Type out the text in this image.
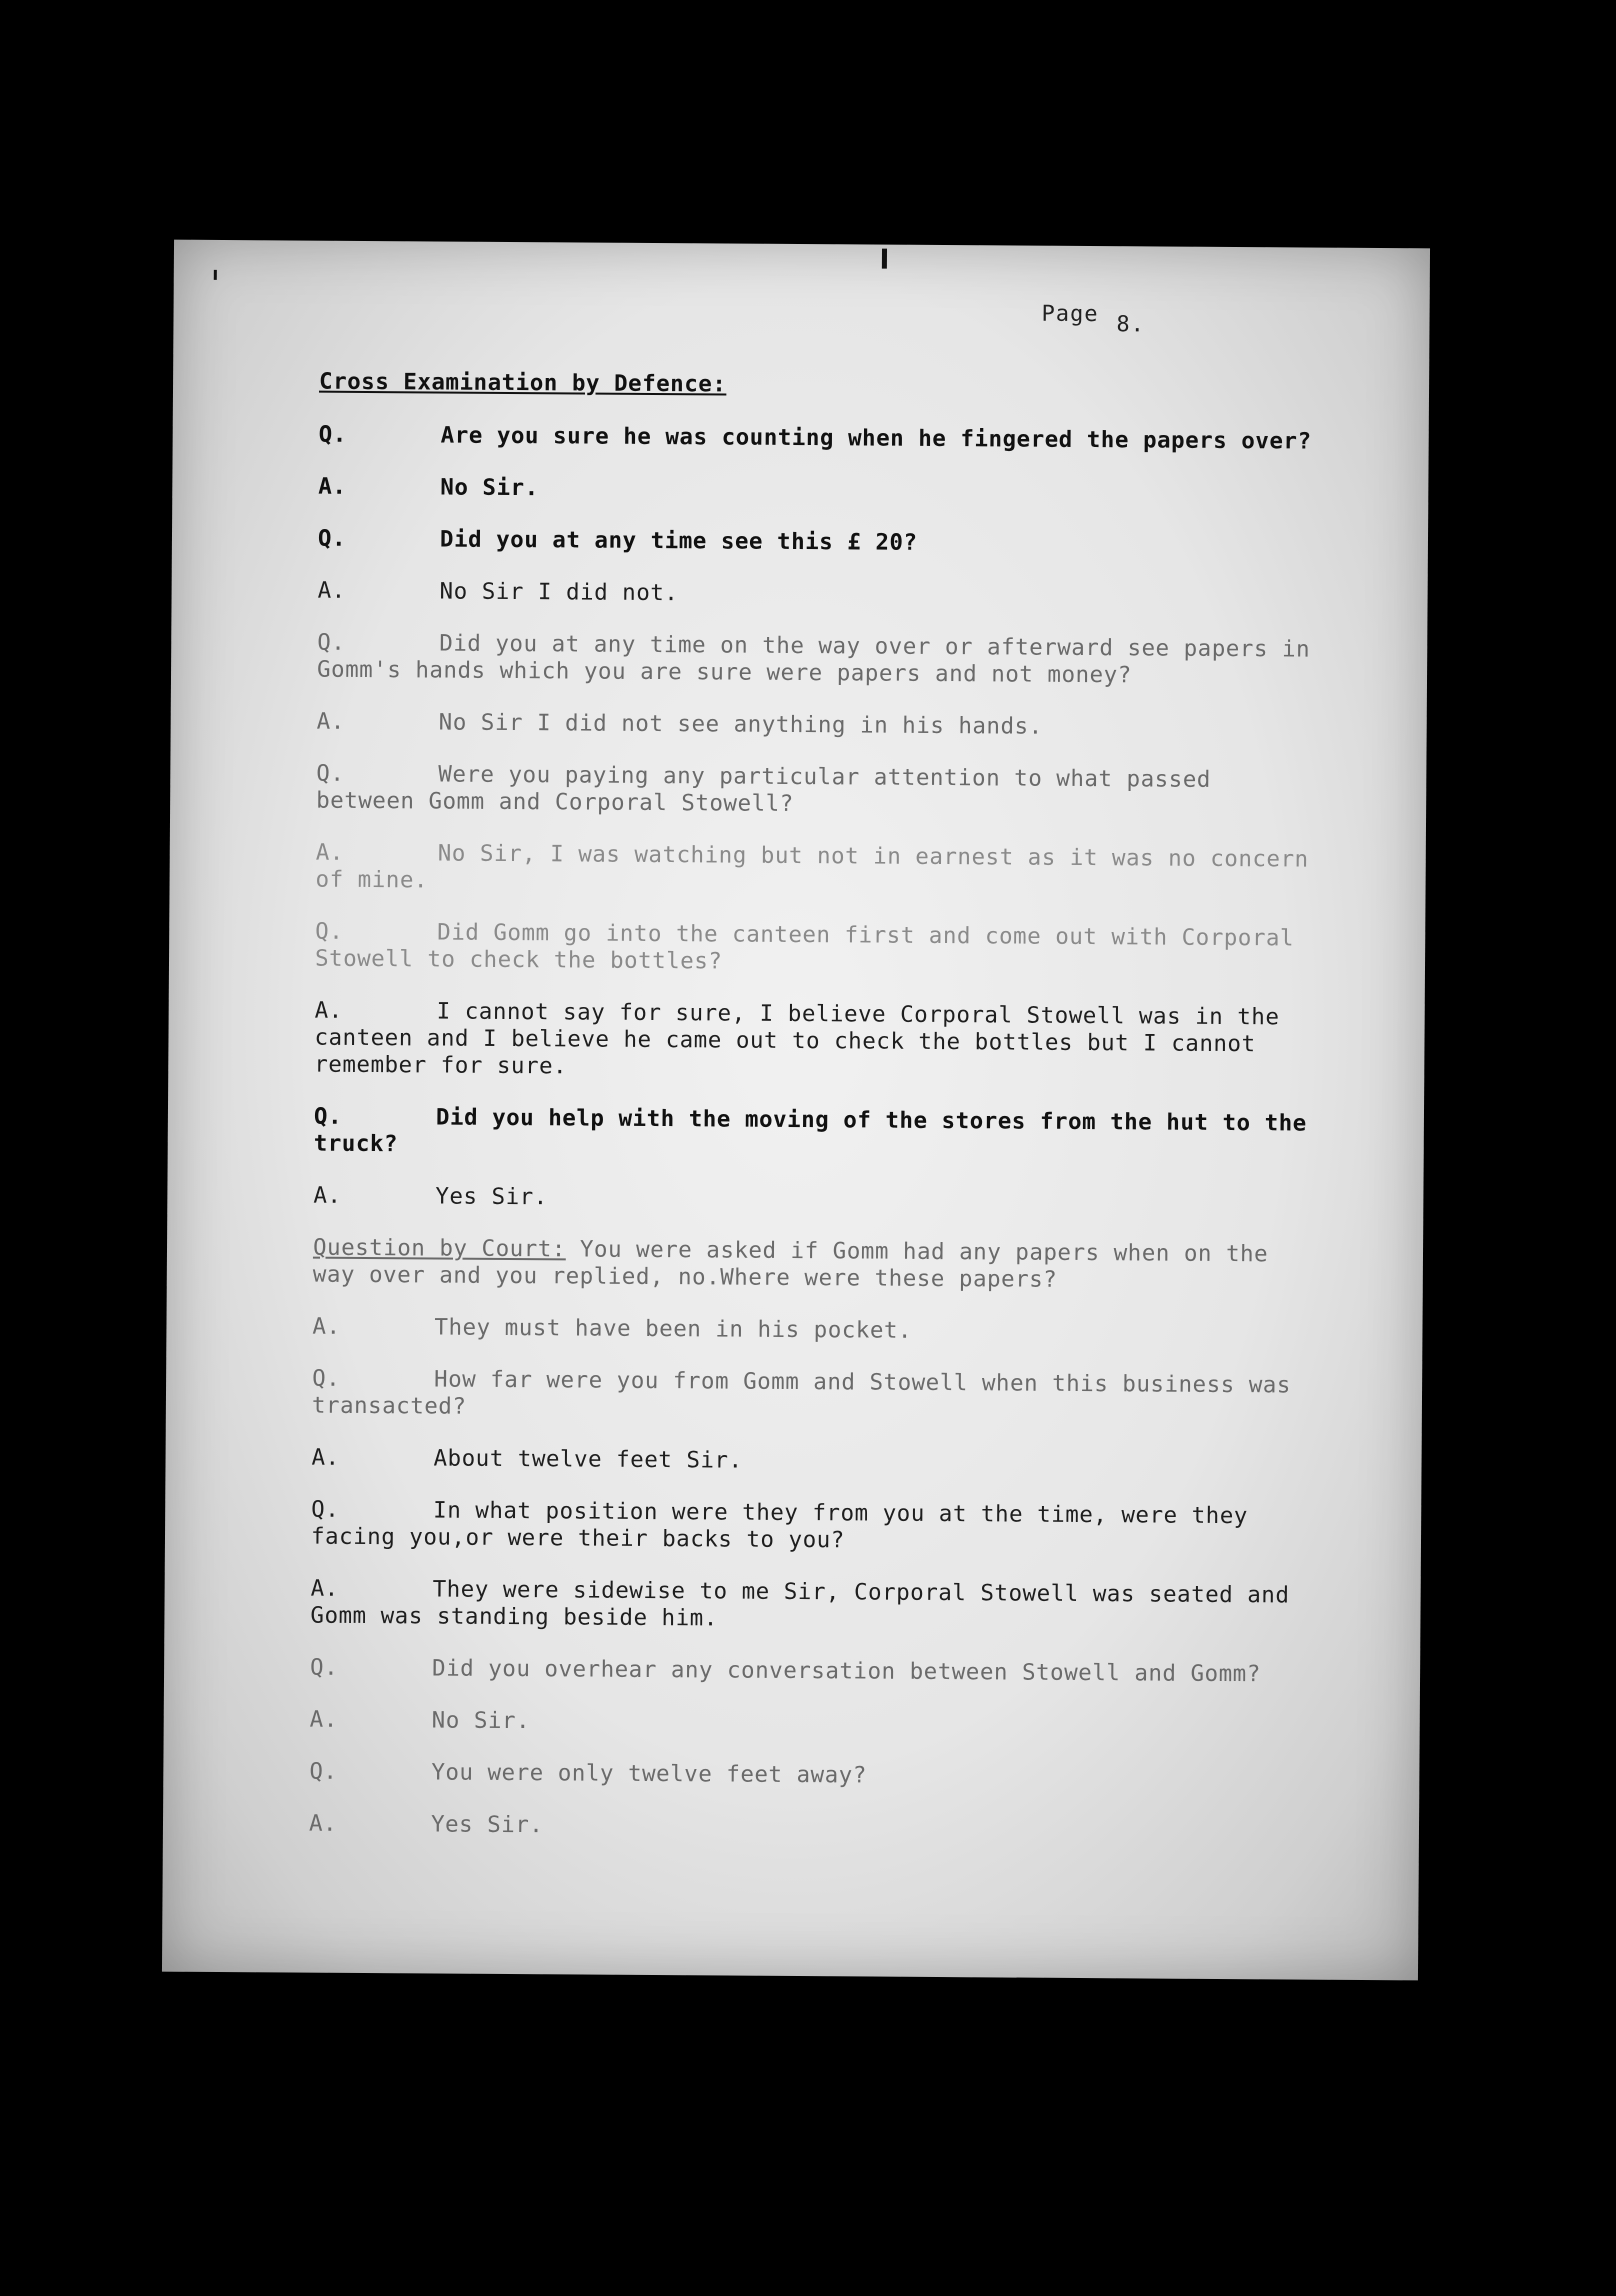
Page 8.
Cross Examination by Defence:
Q.	Are you sure he was counting when he fingered the papers over?
A.	No Sir.
Q.	Did you at any time see this £ 20?
A.	No Sir I did not.
Q.	Did you at any time on the way over or afterward see papers in Gomm's hands which you are sure were papers and not money?
A.	No Sir I did not see anything in his hands.
Q.	Were you paying any particular attention to what passed between Gomm and Corporal Stowell?
A.	No Sir, I was watching but not in earnest as it was no concern of mine.
Q.	Did Gomm go into the canteen first and come out with Corporal Stowell to check the bottles?
A.	I cannot say for sure, I believe Corporal Stowell was in the canteen and I believe he came out to check the bottles but I cannot remember for sure.
Q.	Did you help with the moving of the stores from the hut to the truck?
A.	Yes Sir.
Question by Court: You were asked if Gomm had any papers when on the way over and you replied, no.Where were these papers?
A.	They must have been in his pocket.
Q.	How far were you from Gomm and Stowell when this business was transacted?
A.	About twelve feet Sir.
Q.	In what position were they from you at the time, were they facing you,or were their backs to you?
A.	They were sidewise to me Sir, Corporal Stowell was seated and Gomm was standing beside him.
Q.	Did you overhear any conversation between Stowell and Gomm?
A.	No Sir.
Q.	You were only twelve feet away?
A.	Yes Sir.
